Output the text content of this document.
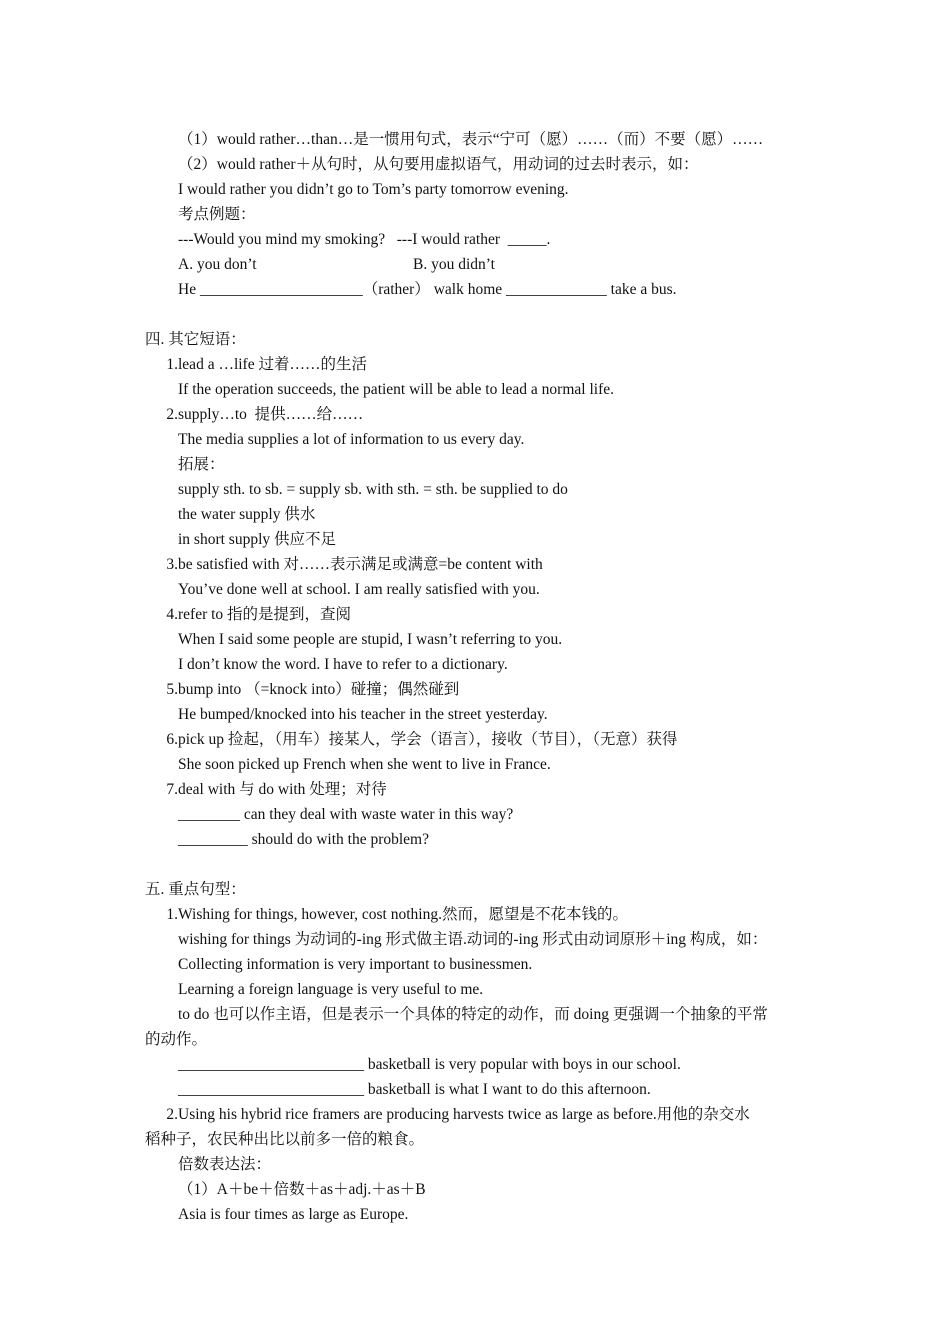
（1）would rather…than…是一惯用句式，表示“宁可（愿）……（而）不要（愿）……
（2）would rather＋从句时，从句要用虚拟语气，用动词的过去时表示，如：
I would rather you didn’t go to Tom’s party tomorrow evening.
考点例题：
---Would you mind my smoking?   ---I would rather  _____.
A. you don’t	B. you didn’t
He _____________________（rather） walk home _____________ take a bus.
四. 其它短语：
1.lead a …life 过着……的生活
If the operation succeeds, the patient will be able to lead a normal life.
2.supply…to  提供……给……
The media supplies a lot of information to us every day.
拓展：
supply sth. to sb. = supply sb. with sth. = sth. be supplied to do
the water supply 供水
in short supply 供应不足
3.be satisfied with 对……表示满足或满意=be content with
You’ve done well at school. I am really satisfied with you.
4.refer to 指的是提到，查阅
When I said some people are stupid, I wasn’t referring to you.
I don’t know the word. I have to refer to a dictionary.
5.bump into （=knock into）碰撞；偶然碰到
He bumped/knocked into his teacher in the street yesterday.
6.pick up 捡起，（用车）接某人，学会（语言），接收（节目），（无意）获得
She soon picked up French when she went to live in France.
7.deal with 与 do with 处理；对待
________ can they deal with waste water in this way?
_________ should do with the problem?
五. 重点句型：
1.Wishing for things, however, cost nothing.然而，愿望是不花本钱的。
wishing for things 为动词的-ing 形式做主语.动词的-ing 形式由动词原形＋ing 构成，如：
Collecting information is very important to businessmen.
Learning a foreign language is very useful to me.
to do 也可以作主语，但是表示一个具体的特定的动作，而 doing 更强调一个抽象的平常
的动作。
________________________ basketball is very popular with boys in our school.
________________________ basketball is what I want to do this afternoon.
2.Using his hybrid rice framers are producing harvests twice as large as before.用他的杂交水
稻种子，农民种出比以前多一倍的粮食。
倍数表达法：
（1）A＋be＋倍数＋as＋adj.＋as＋B
Asia is four times as large as Europe.
